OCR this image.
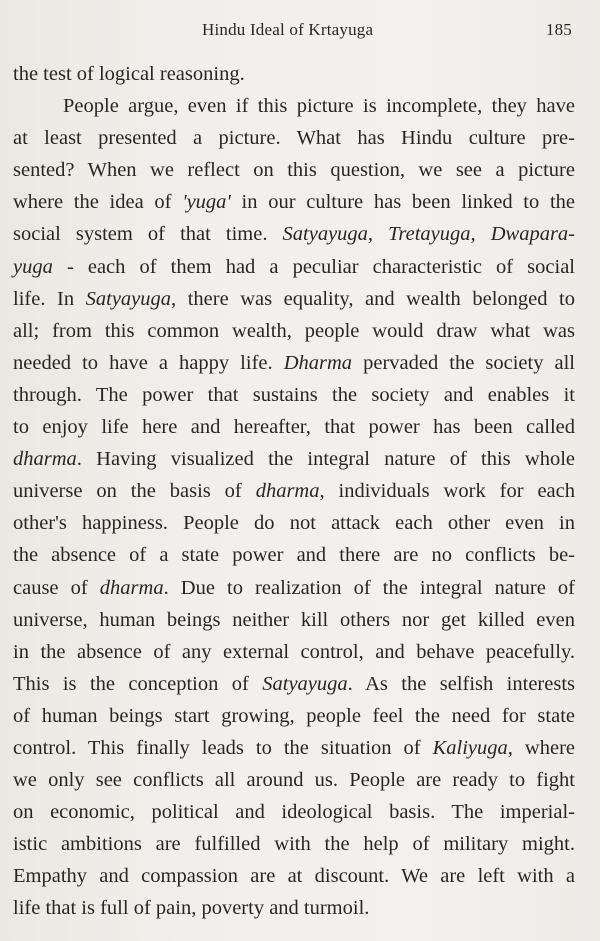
Hindu Ideal of Krtayuga	185
the test of logical reasoning.
People argue, even if this picture is incomplete, they have
at least presented a picture. What has Hindu culture pre-
sented? When we reflect on this question, we see a picture
where the idea of 'yuga' in our culture has been linked to the
social system of that time. Satyayuga, Tretayuga, Dwapara-
yuga - each of them had a peculiar characteristic of social
life. In Satyayuga, there was equality, and wealth belonged to
all; from this common wealth, people would draw what was
needed to have a happy life. Dharma pervaded the society all
through. The power that sustains the society and enables it
to enjoy life here and hereafter, that power has been called
dharma. Having visualized the integral nature of this whole
universe on the basis of dharma, individuals work for each
other's happiness. People do not attack each other even in
the absence of a state power and there are no conflicts be-
cause of dharma. Due to realization of the integral nature of
universe, human beings neither kill others nor get killed even
in the absence of any external control, and behave peacefully.
This is the conception of Satyayuga. As the selfish interests
of human beings start growing, people feel the need for state
control. This finally leads to the situation of Kaliyuga, where
we only see conflicts all around us. People are ready to fight
on economic, political and ideological basis. The imperial-
istic ambitions are fulfilled with the help of military might.
Empathy and compassion are at discount. We are left with a
life that is full of pain, poverty and turmoil.
